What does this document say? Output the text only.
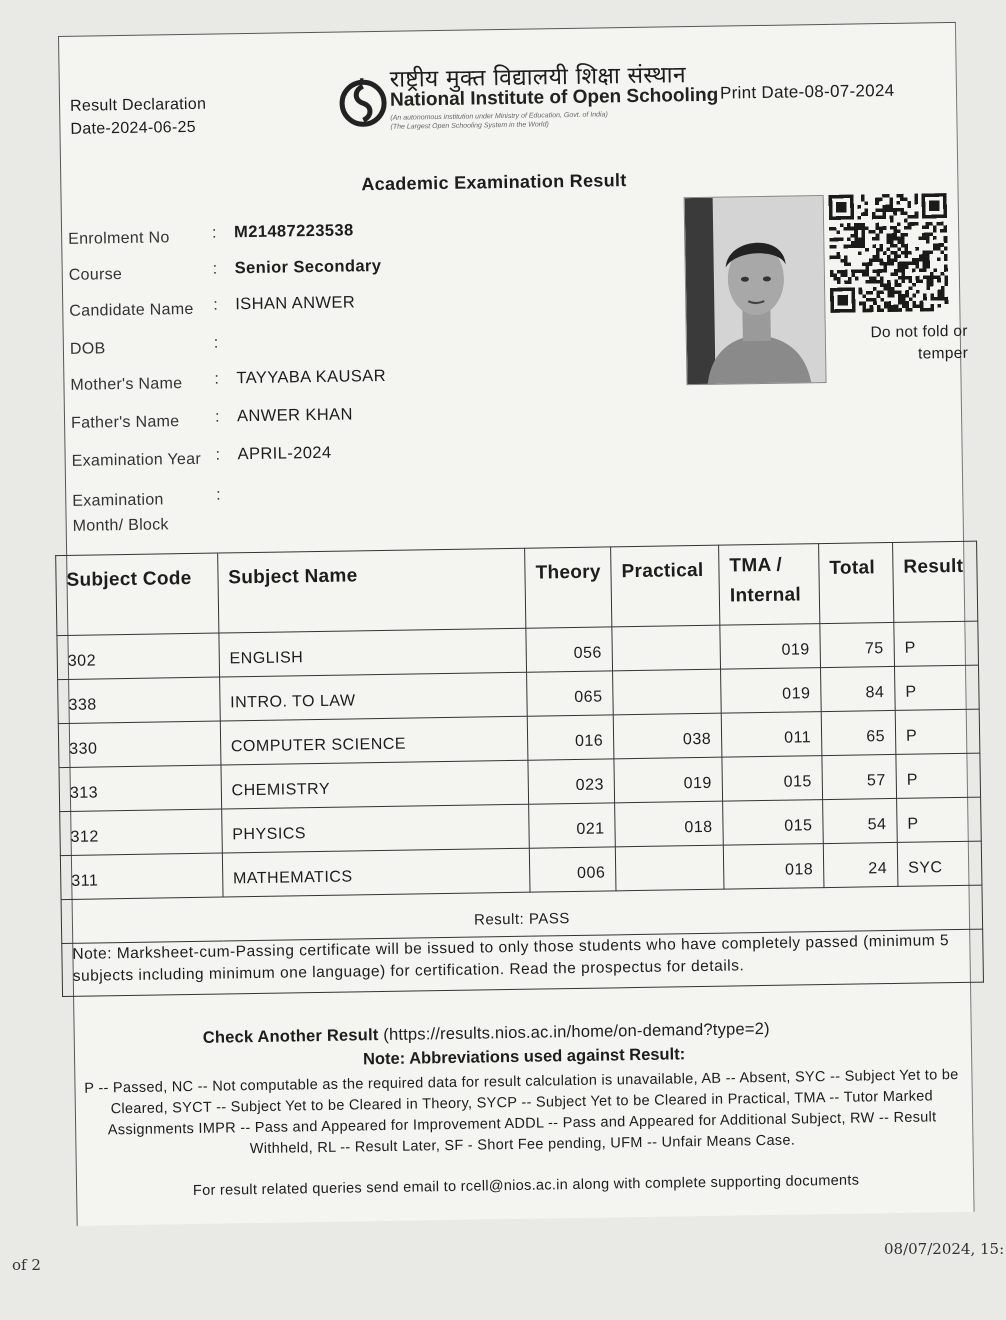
Result Declaration
Date-2024-06-25
राष्ट्रीय मुक्त विद्यालयी शिक्षा संस्थान
National Institute of Open Schooling
(An autonomous institution under Ministry of Education, Govt. of India)
(The Largest Open Schooling System in the World)
Print Date-08-07-2024
Academic Examination Result
Enrolment No	: M21487223538
Course	: Senior Secondary
Candidate Name : ISHAN ANWER
DOB	:
Mother's Name : TAYYABA KAUSAR
Father's Name : ANWER KHAN
Examination Year : APRIL-2024
Examination
Month/ Block
:
Do not fold or
temper
Subject Code	Subject Name	Theory	Practical	TMA /
Internal	Total	Result
302	ENGLISH	056		019	75	P
338	INTRO. TO LAW	065		019	84	P
330	COMPUTER SCIENCE	016	038	011	65	P
313	CHEMISTRY	023	019	015	57	P
312	PHYSICS	021	018	015	54	P
311	MATHEMATICS	006		018	24	SYC
Result: PASS						
Note: Marksheet-cum-Passing certificate will be issued to only those students who have completely passed (minimum 5 subjects including minimum one language) for certification. Read the prospectus for details.						
Check Another Result (https://results.nios.ac.in/home/on-demand?type=2)
Note: Abbreviations used against Result:
P -- Passed, NC -- Not computable as the required data for result calculation is unavailable, AB -- Absent, SYC -- Subject Yet to be Cleared, SYCT -- Subject Yet to be Cleared in Theory, SYCP -- Subject Yet to be Cleared in Practical, TMA -- Tutor Marked Assignments IMPR -- Pass and Appeared for Improvement ADDL -- Pass and Appeared for Additional Subject, RW -- Result Withheld, RL -- Result Later, SF - Short Fee pending, UFM -- Unfair Means Case.
For result related queries send email to rcell@nios.ac.in along with complete supporting documents
of 2
08/07/2024, 15:
